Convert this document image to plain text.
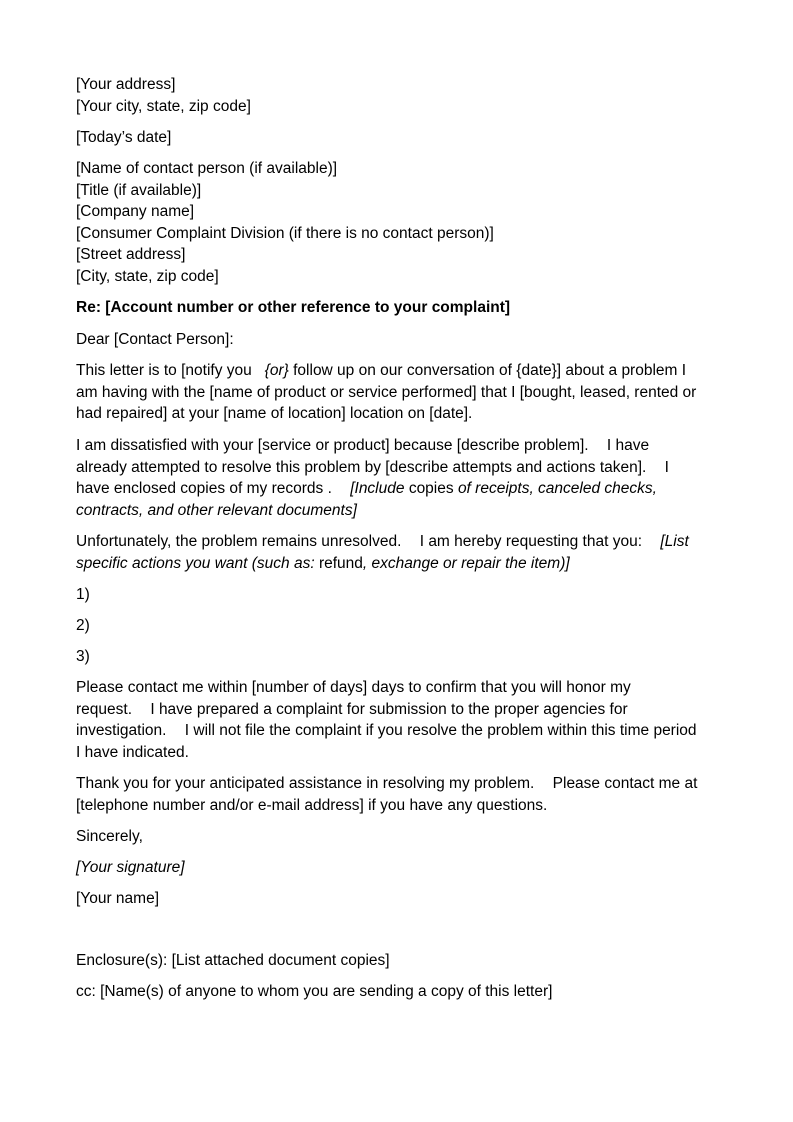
[Your address]
[Your city, state, zip code]
[Today’s date]
[Name of contact person (if available)]
[Title (if available)]
[Company name]
[Consumer Complaint Division (if there is no contact person)]
[Street address]
[City, state, zip code]
Re: [Account number or other reference to your complaint]
Dear [Contact Person]:
This letter is to [notify you {or} follow up on our conversation of {date}] about a problem I
am having with the [name of product or service performed] that I [bought, leased, rented or
had repaired] at your [name of location] location on [date].
I am dissatisfied with your [service or product] because [describe problem]. I have
already attempted to resolve this problem by [describe attempts and actions taken]. I
have enclosed copies of my records . [Include copies of receipts, canceled checks,
contracts, and other relevant documents]
Unfortunately, the problem remains unresolved. I am hereby requesting that you: [List
specific actions you want (such as: refund, exchange or repair the item)]
1)
2)
3)
Please contact me within [number of days] days to confirm that you will honor my
request. I have prepared a complaint for submission to the proper agencies for
investigation. I will not file the complaint if you resolve the problem within this time period
I have indicated.
Thank you for your anticipated assistance in resolving my problem. Please contact me at
[telephone number and/or e-mail address] if you have any questions.
Sincerely,
[Your signature]
[Your name]
Enclosure(s): [List attached document copies]
cc: [Name(s) of anyone to whom you are sending a copy of this letter]
